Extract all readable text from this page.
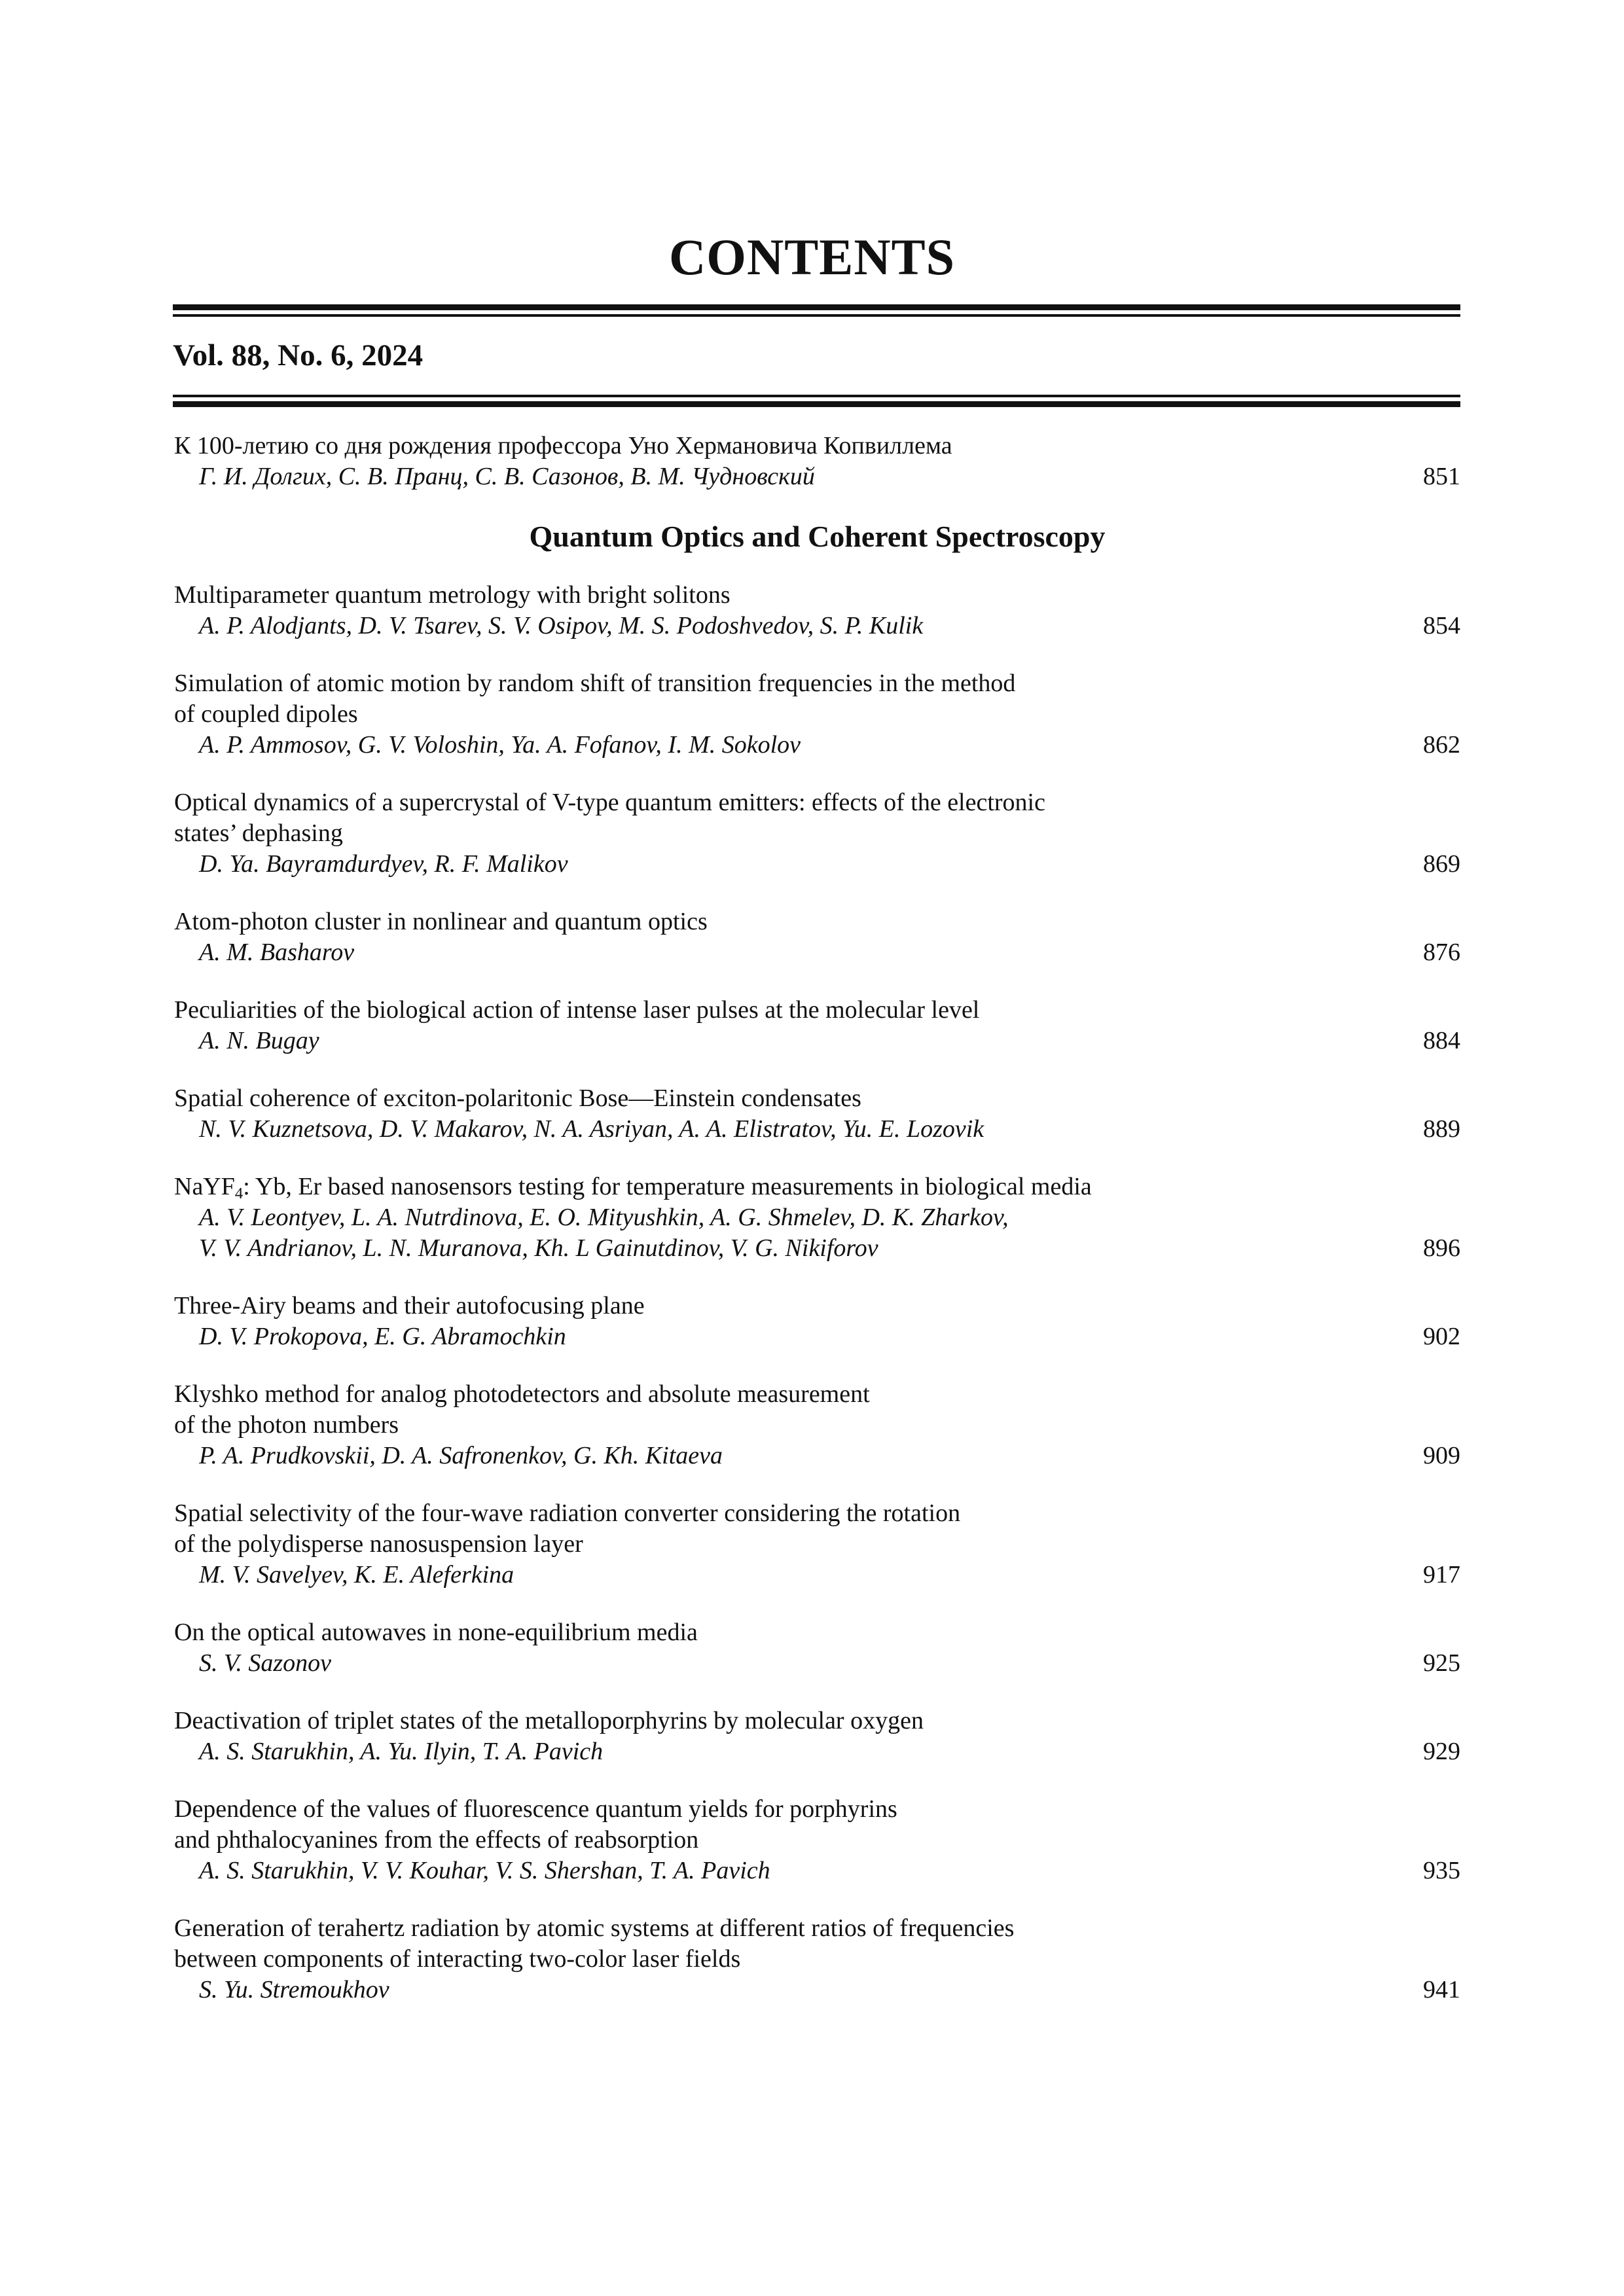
CONTENTS
Vol. 88, No. 6, 2024
К 100-летию со дня рождения профессора Уно Хермановича Копвиллема
Г. И. Долгих, С. В. Пранц, С. В. Сазонов, В. М. Чудновский	851
Quantum Optics and Coherent Spectroscopy
Multiparameter quantum metrology with bright solitons
A. P. Alodjants, D. V. Tsarev, S. V. Osipov, M. S. Podoshvedov, S. P. Kulik	854
Simulation of atomic motion by random shift of transition frequencies in the method
of coupled dipoles
A. P. Ammosov, G. V. Voloshin, Ya. A. Fofanov, I. M. Sokolov	862
Optical dynamics of a supercrystal of V-type quantum emitters: effects of the electronic
states’ dephasing
D. Ya. Bayramdurdyev, R. F. Malikov	869
Atom-photon cluster in nonlinear and quantum optics
A. M. Basharov	876
Peculiarities of the biological action of intense laser pulses at the molecular level
A. N. Bugay	884
Spatial coherence of exciton-polaritonic Bose—Einstein condensates
N. V. Kuznetsova, D. V. Makarov, N. A. Asriyan, A. A. Elistratov, Yu. E. Lozovik	889
NaYF$_4$: Yb, Er based nanosensors testing for temperature measurements in biological media
A. V. Leontyev, L. A. Nutrdinova, E. O. Mityushkin, A. G. Shmelev, D. K. Zharkov,
V. V. Andrianov, L. N. Muranova, Kh. L Gainutdinov, V. G. Nikiforov	896
Three-Airy beams and their autofocusing plane
D. V. Prokopova, E. G. Abramochkin	902
Klyshko method for analog photodetectors and absolute measurement
of the photon numbers
P. A. Prudkovskii, D. A. Safronenkov, G. Kh. Kitaeva	909
Spatial selectivity of the four-wave radiation converter considering the rotation
of the polydisperse nanosuspension layer
M. V. Savelyev, K. E. Aleferkina	917
On the optical autowaves in none-equilibrium media
S. V. Sazonov	925
Deactivation of triplet states of the metalloporphyrins by molecular oxygen
A. S. Starukhin, A. Yu. Ilyin, T. A. Pavich	929
Dependence of the values of fluorescence quantum yields for porphyrins
and phthalocyanines from the effects of reabsorption
A. S. Starukhin, V. V. Kouhar, V. S. Shershan, T. A. Pavich	935
Generation of terahertz radiation by atomic systems at different ratios of frequencies
between components of interacting two-color laser fields
S. Yu. Stremoukhov	941
